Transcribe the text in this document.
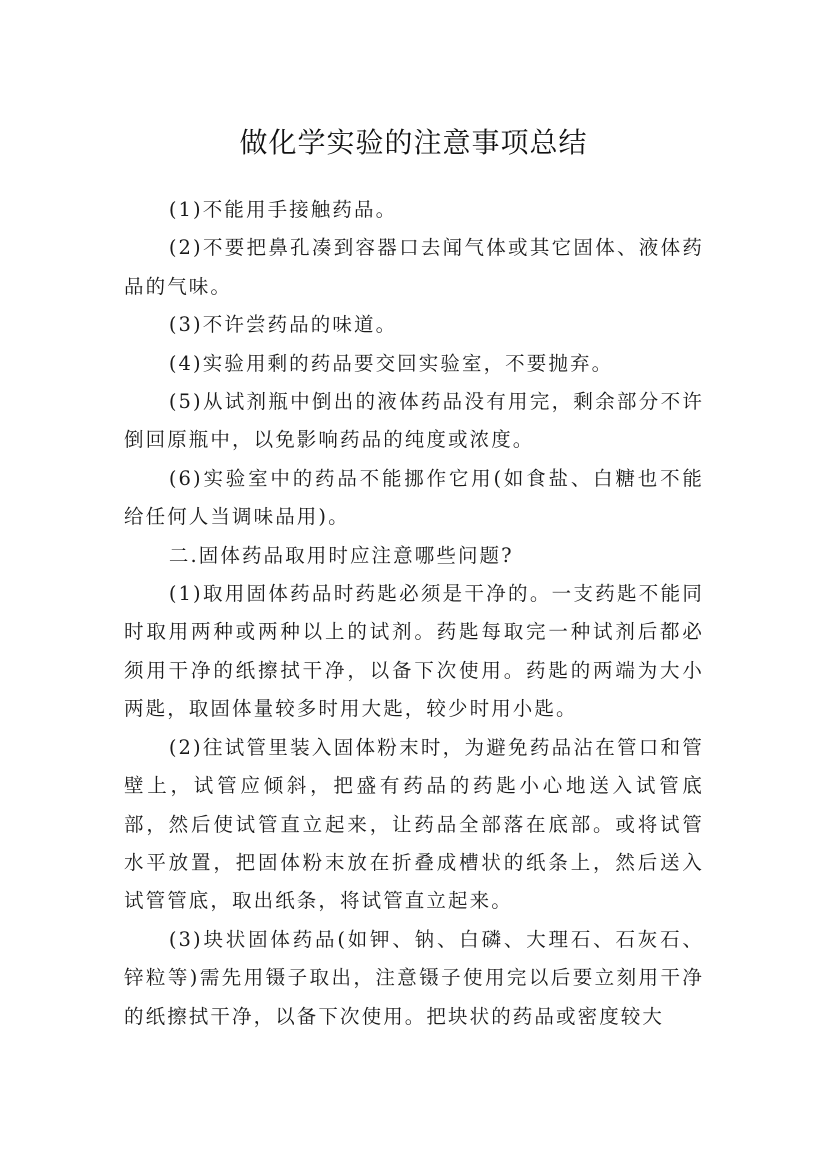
做化学实验的注意事项总结

(1)不能用手接触药品。

(2)不要把鼻孔凑到容器口去闻气体或其它固体、液体药品的气味。

(3)不许尝药品的味道。

(4)实验用剩的药品要交回实验室，不要抛弃。

(5)从试剂瓶中倒出的液体药品没有用完，剩余部分不许倒回原瓶中，以免影响药品的纯度或浓度。

(6)实验室中的药品不能挪作它用(如食盐、白糖也不能给任何人当调味品用)。

二.固体药品取用时应注意哪些问题?

(1)取用固体药品时药匙必须是干净的。一支药匙不能同时取用两种或两种以上的试剂。药匙每取完一种试剂后都必须用干净的纸擦拭干净，以备下次使用。药匙的两端为大小两匙，取固体量较多时用大匙，较少时用小匙。

(2)往试管里装入固体粉末时，为避免药品沾在管口和管壁上，试管应倾斜，把盛有药品的药匙小心地送入试管底部，然后使试管直立起来，让药品全部落在底部。或将试管水平放置，把固体粉末放在折叠成槽状的纸条上，然后送入试管管底，取出纸条，将试管直立起来。

(3)块状固体药品(如钾、钠、白磷、大理石、石灰石、锌粒等)需先用镊子取出，注意镊子使用完以后要立刻用干净的纸擦拭干净，以备下次使用。把块状的药品或密度较大
